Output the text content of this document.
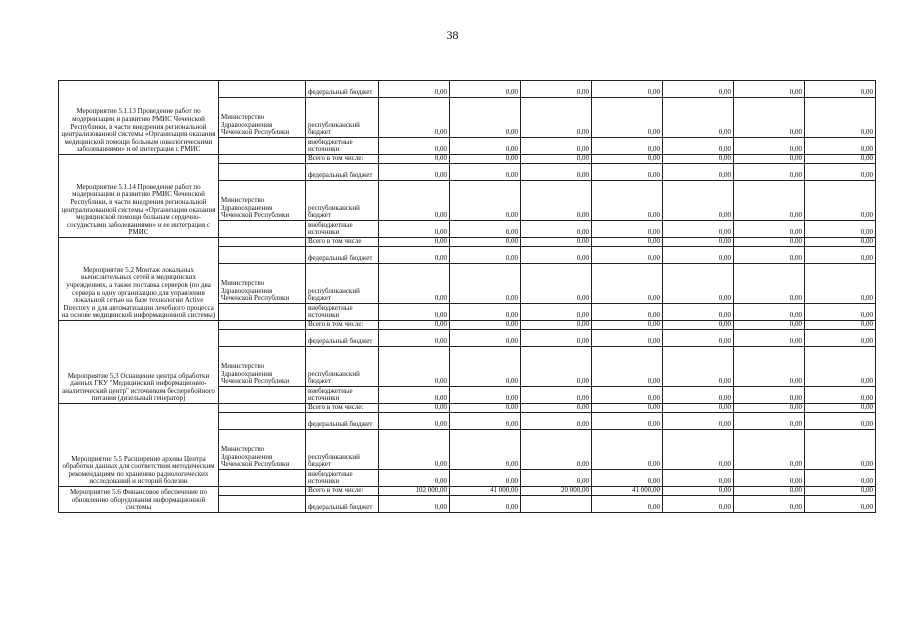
38
Мероприятие 5.1.13 Проведение работ по модернизации и развитию РМИС Чеченской Республики, в части внедрения региональной централизованной системы «Организация оказания медицинской помощи больным онкологическими заболеваниями» и её интеграция с РМИС		федеральный бюджет	0,00	0,00	0,00	0,00	0,00	0,00	0,00
	Министерство Здравоохранения Чеченской Республики	республиканский бюджет	0,00	0,00	0,00	0,00	0,00	0,00	0,00
		внебюджетные источники	0,00	0,00	0,00	0,00	0,00	0,00	0,00
Мероприятие 5.1.14 Проведение работ по модернизации и развитию РМИС Чеченской Республики, в части внедрения региональной централизованной системы «Организация оказания медицинской помощи больным сердечно-сосудистыми заболеваниями» и ее интеграция с РМИС		Всего в том числе:	0,00	0,00	0,00	0,00	0,00	0,00	0,00
		федеральный бюджет	0,00	0,00	0,00	0,00	0,00	0,00	0,00
	Министерство Здравоохранения Чеченской Республики	республиканский бюджет	0,00	0,00	0,00	0,00	0,00	0,00	0,00
		внебюджетные источники	0,00	0,00	0,00	0,00	0,00	0,00	0,00
Мероприятие 5.2 Монтаж локальных вычислительных сетей в медицинских учреждениях, а также поставка серверов (по два сервера в одну организацию для управления локальной сетью на базе технологии Active Directory и для автоматизации лечебного процесса на основе медицинской информационной системы)		Всего в том числе	0,00	0,00	0,00	0,00	0,00	0,00	0,00
		федеральный бюджет	0,00	0,00	0,00	0,00	0,00	0,00	0,00
	Министерство Здравоохранения Чеченской Республики	республиканский бюджет	0,00	0,00	0,00	0,00	0,00	0,00	0,00
		внебюджетные источники	0,00	0,00	0,00	0,00	0,00	0,00	0,00
Мероприятие 5.3 Оснащение центра обработки данных ГКУ "Медицинский информационно-аналитический центр" источником бесперебойного питания (дизельный генератор)		Всего в том числе:	0,00	0,00	0,00	0,00	0,00	0,00	0,00
		федеральный бюджет	0,00	0,00	0,00	0,00	0,00	0,00	0,00
	Министерство Здравоохранения Чеченской Республики	республиканский бюджет	0,00	0,00	0,00	0,00	0,00	0,00	0,00
		внебюджетные источники	0,00	0,00	0,00	0,00	0,00	0,00	0,00
Мероприятие 5.5 Расширение архива Центра обработки данных для соответствия методическим рекомендациям по хранению радиологических исследований и историй болезни		Всего в том числе:	0,00	0,00	0,00	0,00	0,00	0,00	0,00
		федеральный бюджет	0,00	0,00	0,00	0,00	0,00	0,00	0,00
	Министерство Здравоохранения Чеченской Республики	республиканский бюджет	0,00	0,00	0,00	0,00	0,00	0,00	0,00
		внебюджетные источники	0,00	0,00	0,00	0,00	0,00	0,00	0,00
Мероприятие 5.6 Финансовое обеспечение по обновлению оборудования информационной системы		Всего в том числе:	102 000,00	41 000,00	20 000,00	41 000,00	0,00	0,00	0,00
		федеральный бюджет	0,00	0,00		0,00	0,00	0,00	0,00
